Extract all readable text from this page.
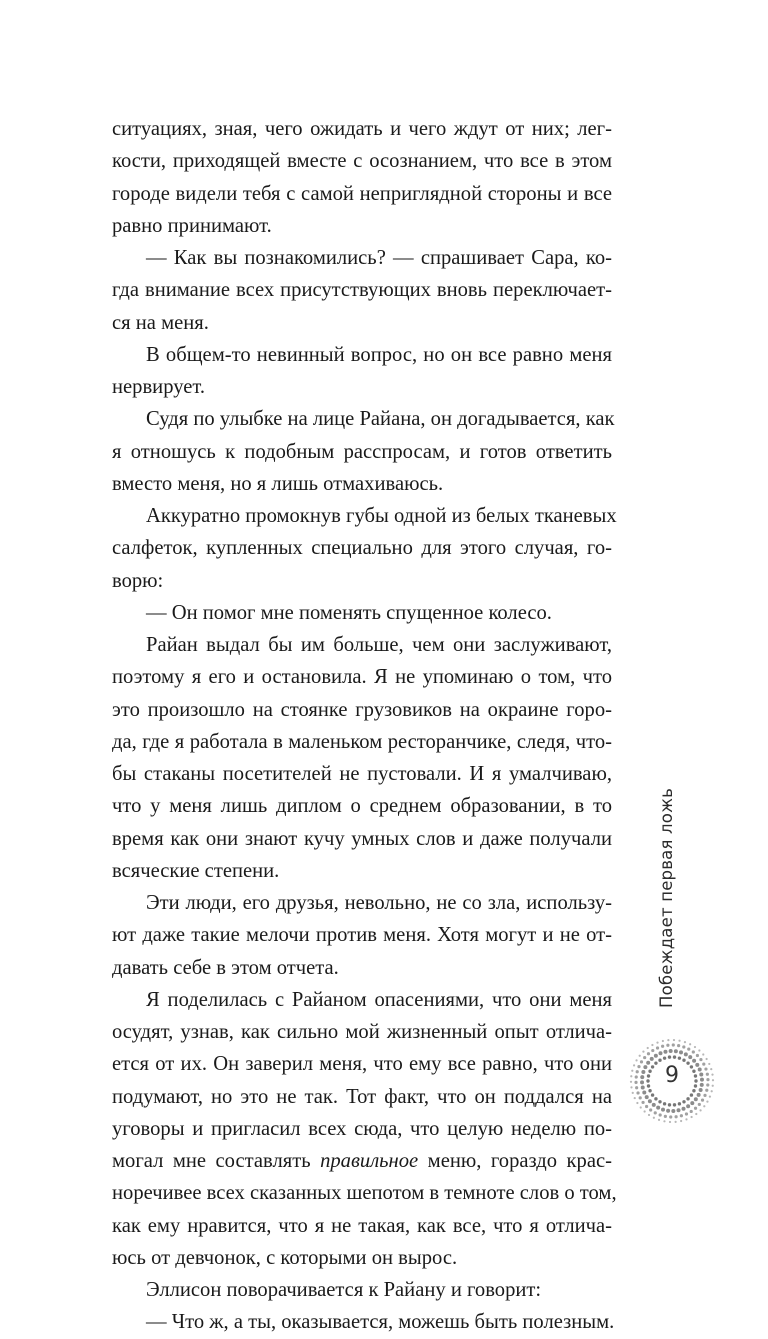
ситуациях, зная, чего ожидать и чего ждут от них; лег-
кости, приходящей вместе с осознанием, что все в этом
городе видели тебя с самой неприглядной стороны и все
равно принимают.
— Как вы познакомились? — спрашивает Сара, ко-
гда внимание всех присутствующих вновь переключает-
ся на меня.
В общем-то невинный вопрос, но он все равно меня
нервирует.
Судя по улыбке на лице Райана, он догадывается, как
я отношусь к подобным расспросам, и готов ответить
вместо меня, но я лишь отмахиваюсь.
Аккуратно промокнув губы одной из белых тканевых
салфеток, купленных специально для этого случая, го-
ворю:
— Он помог мне поменять спущенное колесо.
Райан выдал бы им больше, чем они заслуживают,
поэтому я его и остановила. Я не упоминаю о том, что
это произошло на стоянке грузовиков на окраине горо-
да, где я работала в маленьком ресторанчике, следя, что-
бы стаканы посетителей не пустовали. И я умалчиваю,
что у меня лишь диплом о среднем образовании, в то
время как они знают кучу умных слов и даже получали
всяческие степени.
Эти люди, его друзья, невольно, не со зла, использу-
ют даже такие мелочи против меня. Хотя могут и не от-
давать себе в этом отчета.
Я поделилась с Райаном опасениями, что они меня
осудят, узнав, как сильно мой жизненный опыт отлича-
ется от их. Он заверил меня, что ему все равно, что они
подумают, но это не так. Тот факт, что он поддался на
уговоры и пригласил всех сюда, что целую неделю по-
могал мне составлять правильное меню, гораздо крас-
норечивее всех сказанных шепотом в темноте слов о том,
как ему нравится, что я не такая, как все, что я отлича-
юсь от девчонок, с которыми он вырос.
Эллисон поворачивается к Райану и говорит:
— Что ж, а ты, оказывается, можешь быть полезным.
Побеждает первая ложь
9
